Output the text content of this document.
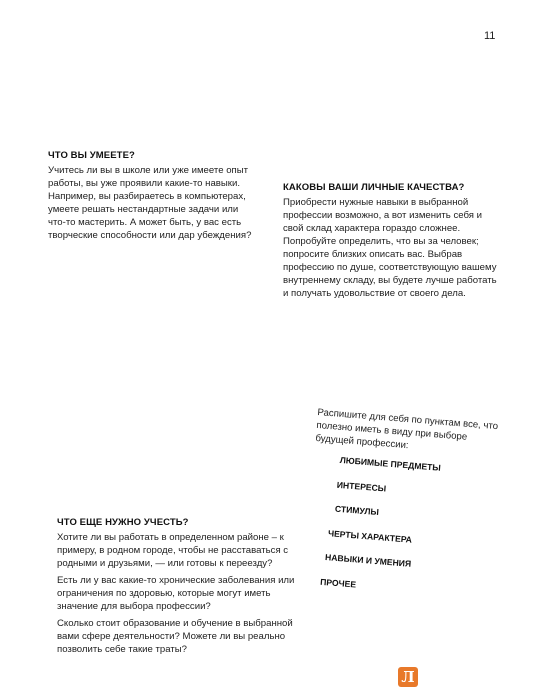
11
ЧТО ВЫ УМЕЕТЕ?

Учитесь ли вы в школе или уже имеете опыт работы, вы уже проявили какие-то навыки. Например, вы разбираетесь в компьютерах, умеете решать нестандартные задачи или что-то мастерить. А может быть, у вас есть творческие способности или дар убеждения?

КАКОВЫ ВАШИ ЛИЧНЫЕ КАЧЕСТВА?

Приобрести нужные навыки в выбранной профессии возможно, а вот изменить себя и свой склад характера гораздо сложнее. Попробуйте определить, что вы за человек; попросите близких описать вас. Выбрав профессию по душе, соответствующую вашему внутреннему складу, вы будете лучше работать и получать удовольствие от своего дела.

Распишите для себя по пунктам все, что полезно иметь в виду при выборе будущей профессии:

ЛЮБИМЫЕ ПРЕДМЕТЫ
ИНТЕРЕСЫ
СТИМУЛЫ
ЧЕРТЫ ХАРАКТЕРА
НАВЫКИ И УМЕНИЯ
ПРОЧЕЕ
ЧТО ЕЩЕ НУЖНО УЧЕСТЬ?

Хотите ли вы работать в определенном районе – к примеру, в родном городе, чтобы не расставаться с родными и друзьями, — или готовы к переезду?

Есть ли у вас какие-то хронические заболевания или ограничения по здоровью, которые могут иметь значение для выбора профессии?

Сколько стоит образование и обучение в выбранной вами сфере деятельности? Можете ли вы реально позволить себе такие траты?

Л
